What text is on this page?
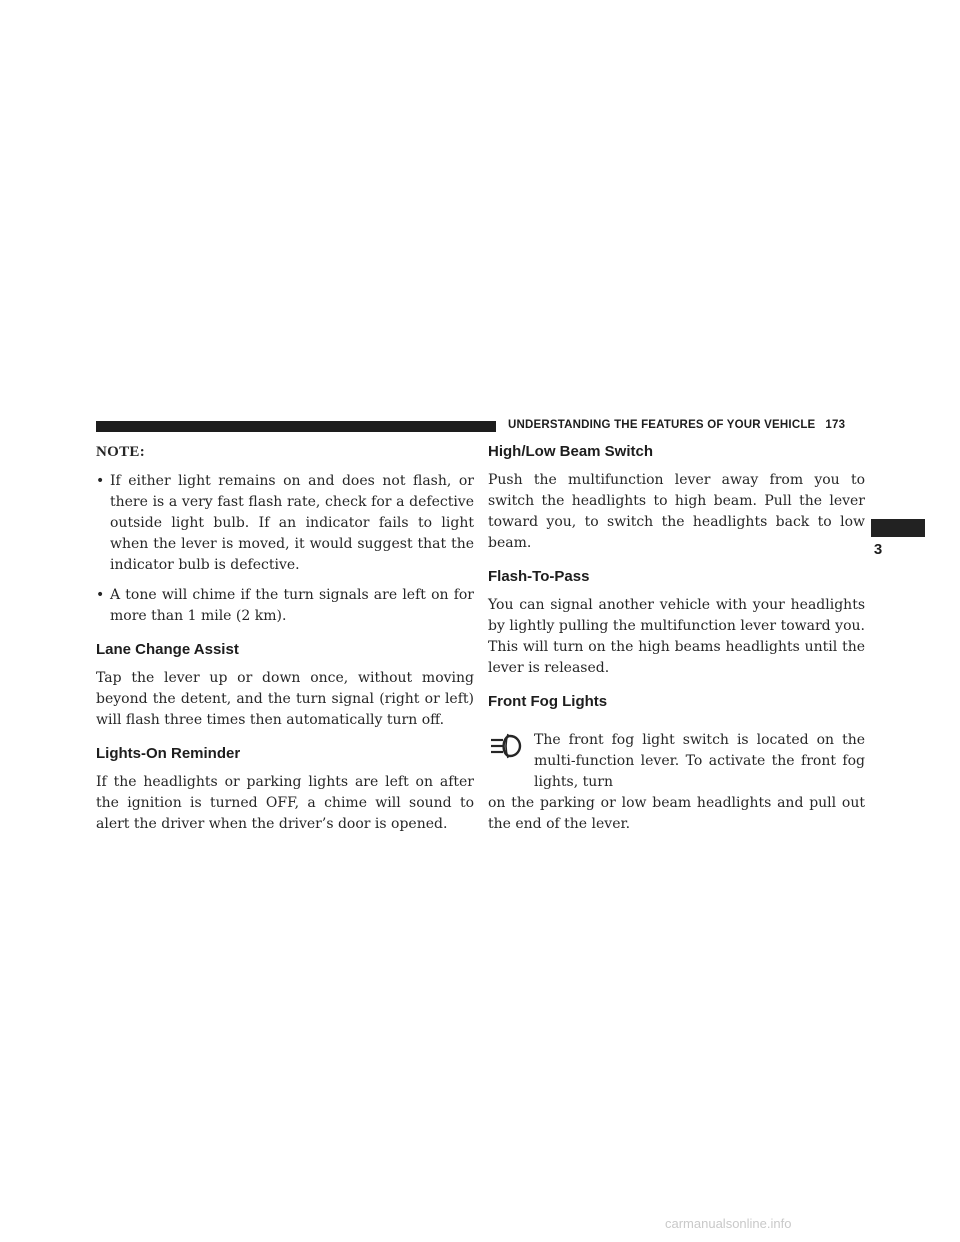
UNDERSTANDING THE FEATURES OF YOUR VEHICLE 173
3
NOTE:
• If either light remains on and does not flash, or there is a very fast flash rate, check for a defective outside light bulb. If an indicator fails to light when the lever is moved, it would suggest that the indicator bulb is defective.
• A tone will chime if the turn signals are left on for more than 1 mile (2 km).
Lane Change Assist

Tap the lever up or down once, without moving beyond the detent, and the turn signal (right or left) will flash three times then automatically turn off.

Lights-On Reminder

If the headlights or parking lights are left on after the ignition is turned OFF, a chime will sound to alert the driver when the driver’s door is opened.

High/Low Beam Switch

Push the multifunction lever away from you to switch the headlights to high beam. Pull the lever toward you, to switch the headlights back to low beam.

Flash-To-Pass

You can signal another vehicle with your headlights by lightly pulling the multifunction lever toward you. This will turn on the high beams headlights until the lever is released.

Front Fog Lights

The front fog light switch is located on the multi-function lever. To activate the front fog lights, turn

on the parking or low beam headlights and pull out the end of the lever.

carmanualsonline.info
